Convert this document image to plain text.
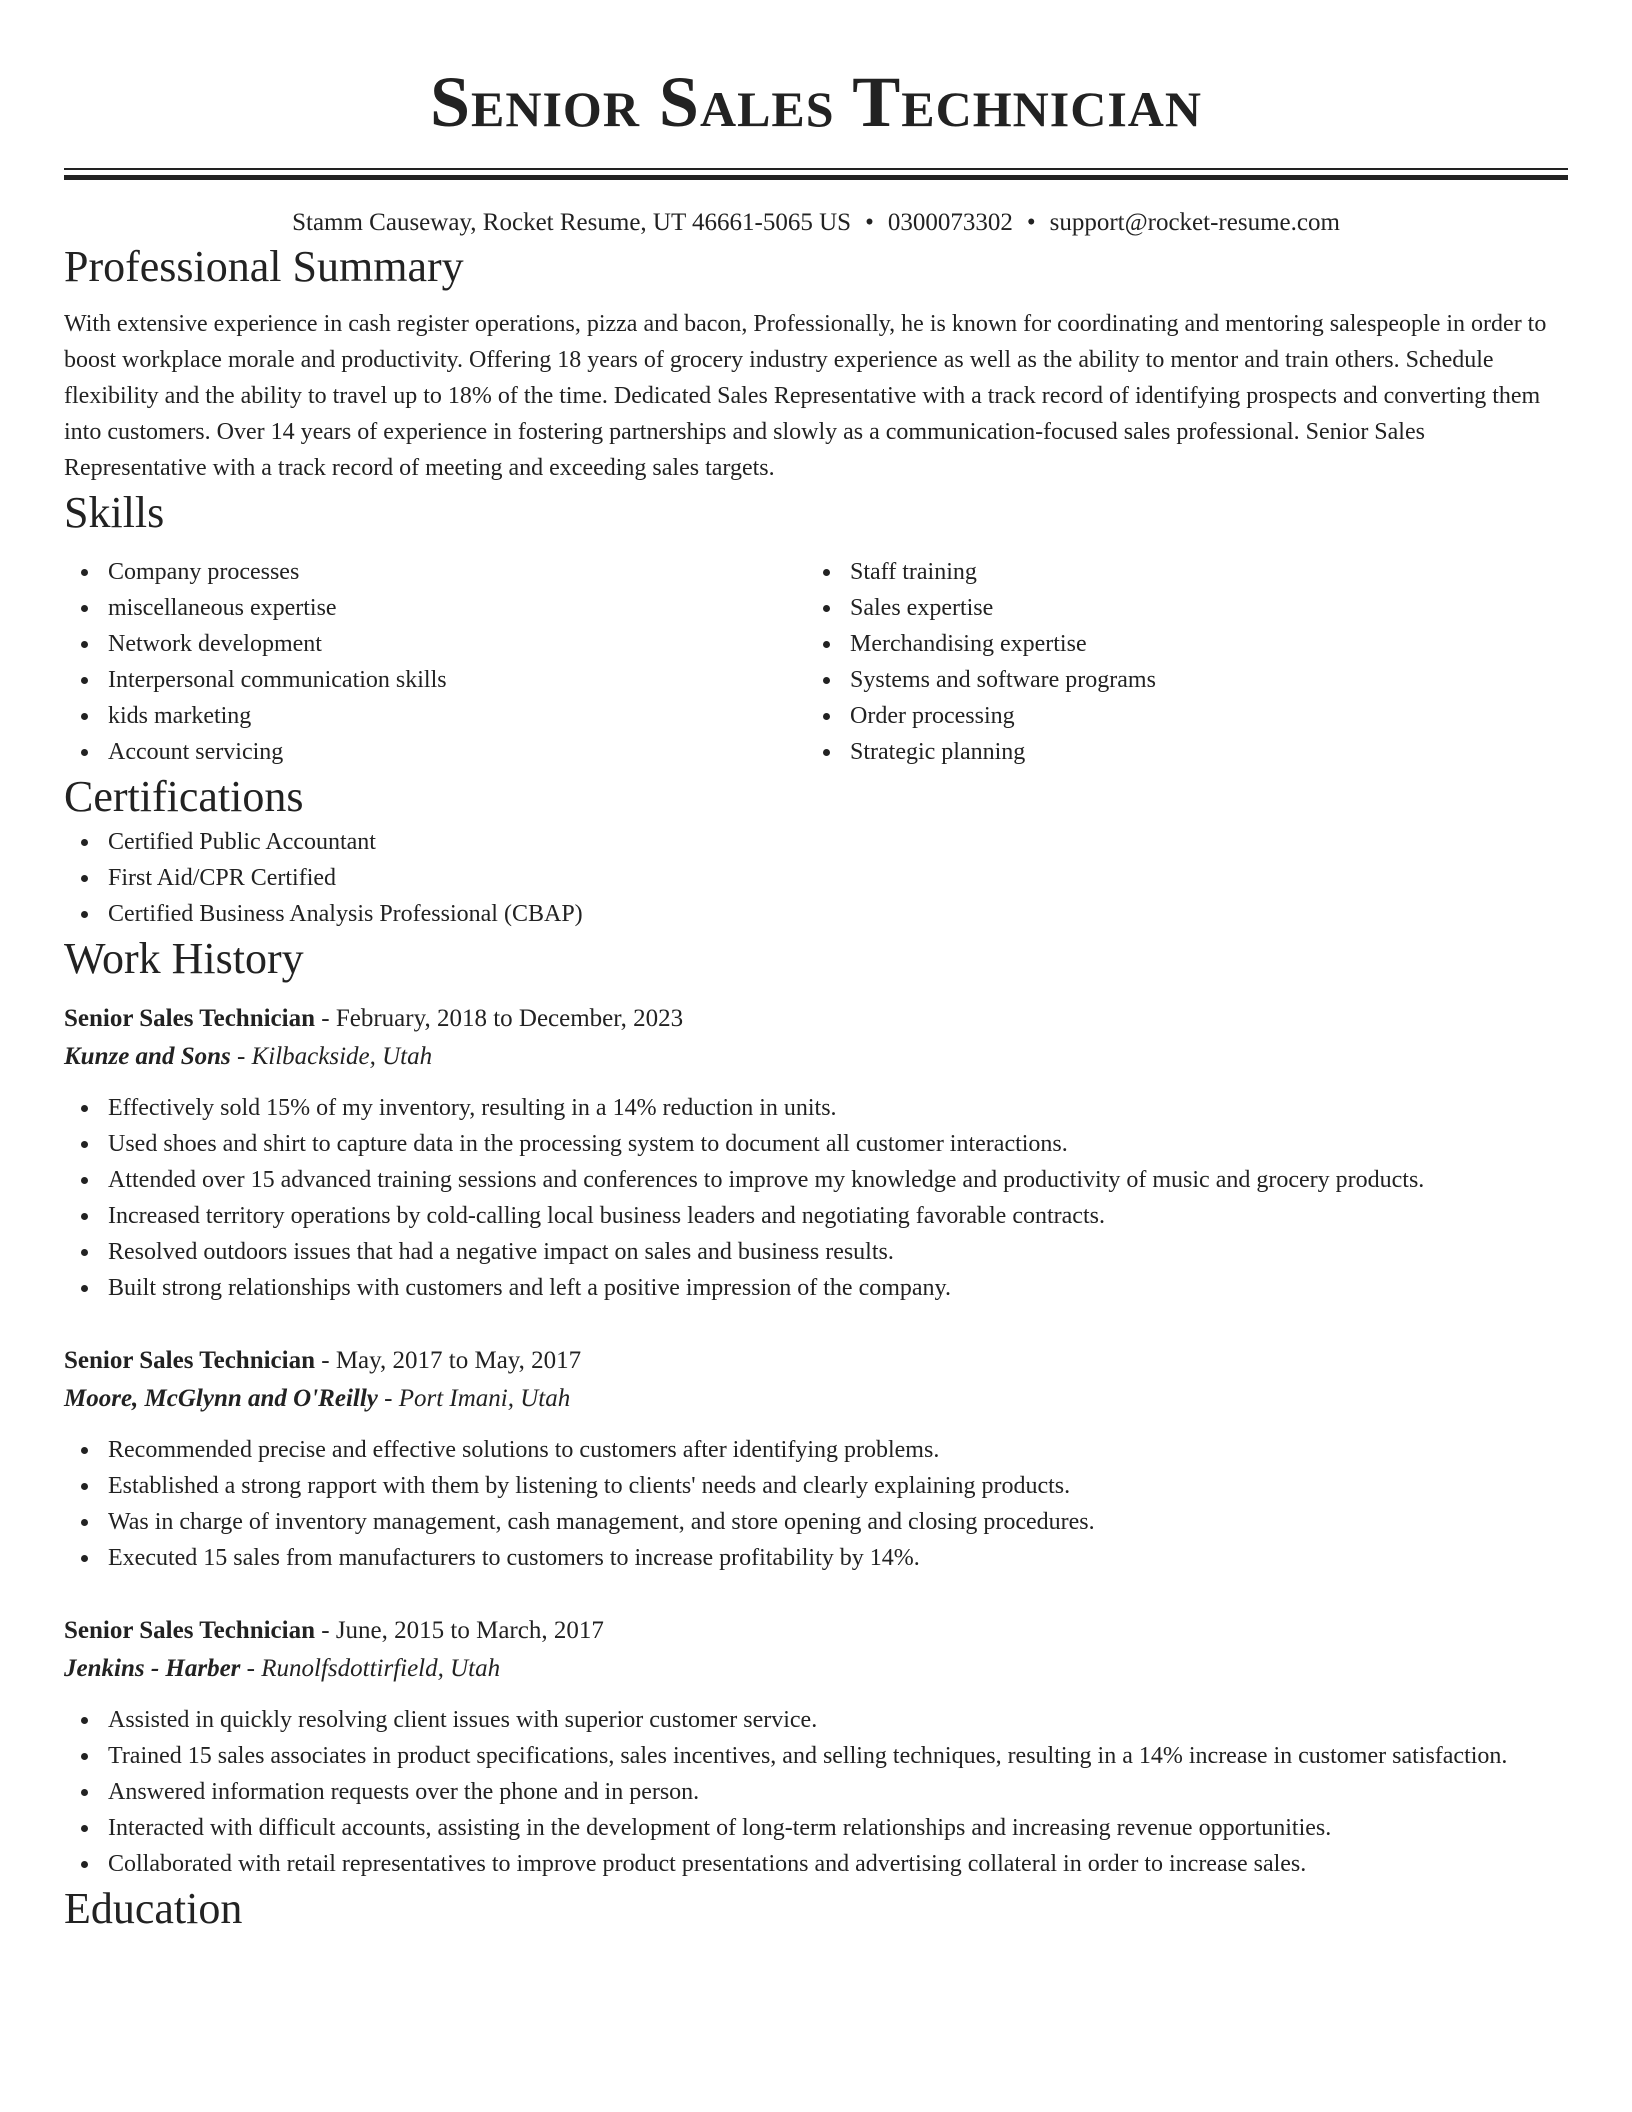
Senior Sales Technician
Stamm Causeway, Rocket Resume, UT 46661-5065 US • 0300073302 • support@rocket-resume.com
Professional Summary
With extensive experience in cash register operations, pizza and bacon, Professionally, he is known for coordinating and mentoring salespeople in order to boost workplace morale and productivity. Offering 18 years of grocery industry experience as well as the ability to mentor and train others. Schedule flexibility and the ability to travel up to 18% of the time. Dedicated Sales Representative with a track record of identifying prospects and converting them into customers. Over 14 years of experience in fostering partnerships and slowly as a communication-focused sales professional. Senior Sales Representative with a track record of meeting and exceeding sales targets.
Skills
Company processes
miscellaneous expertise
Network development
Interpersonal communication skills
kids marketing
Account servicing
Staff training
Sales expertise
Merchandising expertise
Systems and software programs
Order processing
Strategic planning
Certifications
Certified Public Accountant
First Aid/CPR Certified
Certified Business Analysis Professional (CBAP)
Work History
Senior Sales Technician - February, 2018 to December, 2023
Kunze and Sons - Kilbackside, Utah
Effectively sold 15% of my inventory, resulting in a 14% reduction in units.
Used shoes and shirt to capture data in the processing system to document all customer interactions.
Attended over 15 advanced training sessions and conferences to improve my knowledge and productivity of music and grocery products.
Increased territory operations by cold-calling local business leaders and negotiating favorable contracts.
Resolved outdoors issues that had a negative impact on sales and business results.
Built strong relationships with customers and left a positive impression of the company.
Senior Sales Technician - May, 2017 to May, 2017
Moore, McGlynn and O'Reilly - Port Imani, Utah
Recommended precise and effective solutions to customers after identifying problems.
Established a strong rapport with them by listening to clients' needs and clearly explaining products.
Was in charge of inventory management, cash management, and store opening and closing procedures.
Executed 15 sales from manufacturers to customers to increase profitability by 14%.
Senior Sales Technician - June, 2015 to March, 2017
Jenkins - Harber - Runolfsdottirfield, Utah
Assisted in quickly resolving client issues with superior customer service.
Trained 15 sales associates in product specifications, sales incentives, and selling techniques, resulting in a 14% increase in customer satisfaction.
Answered information requests over the phone and in person.
Interacted with difficult accounts, assisting in the development of long-term relationships and increasing revenue opportunities.
Collaborated with retail representatives to improve product presentations and advertising collateral in order to increase sales.
Education
